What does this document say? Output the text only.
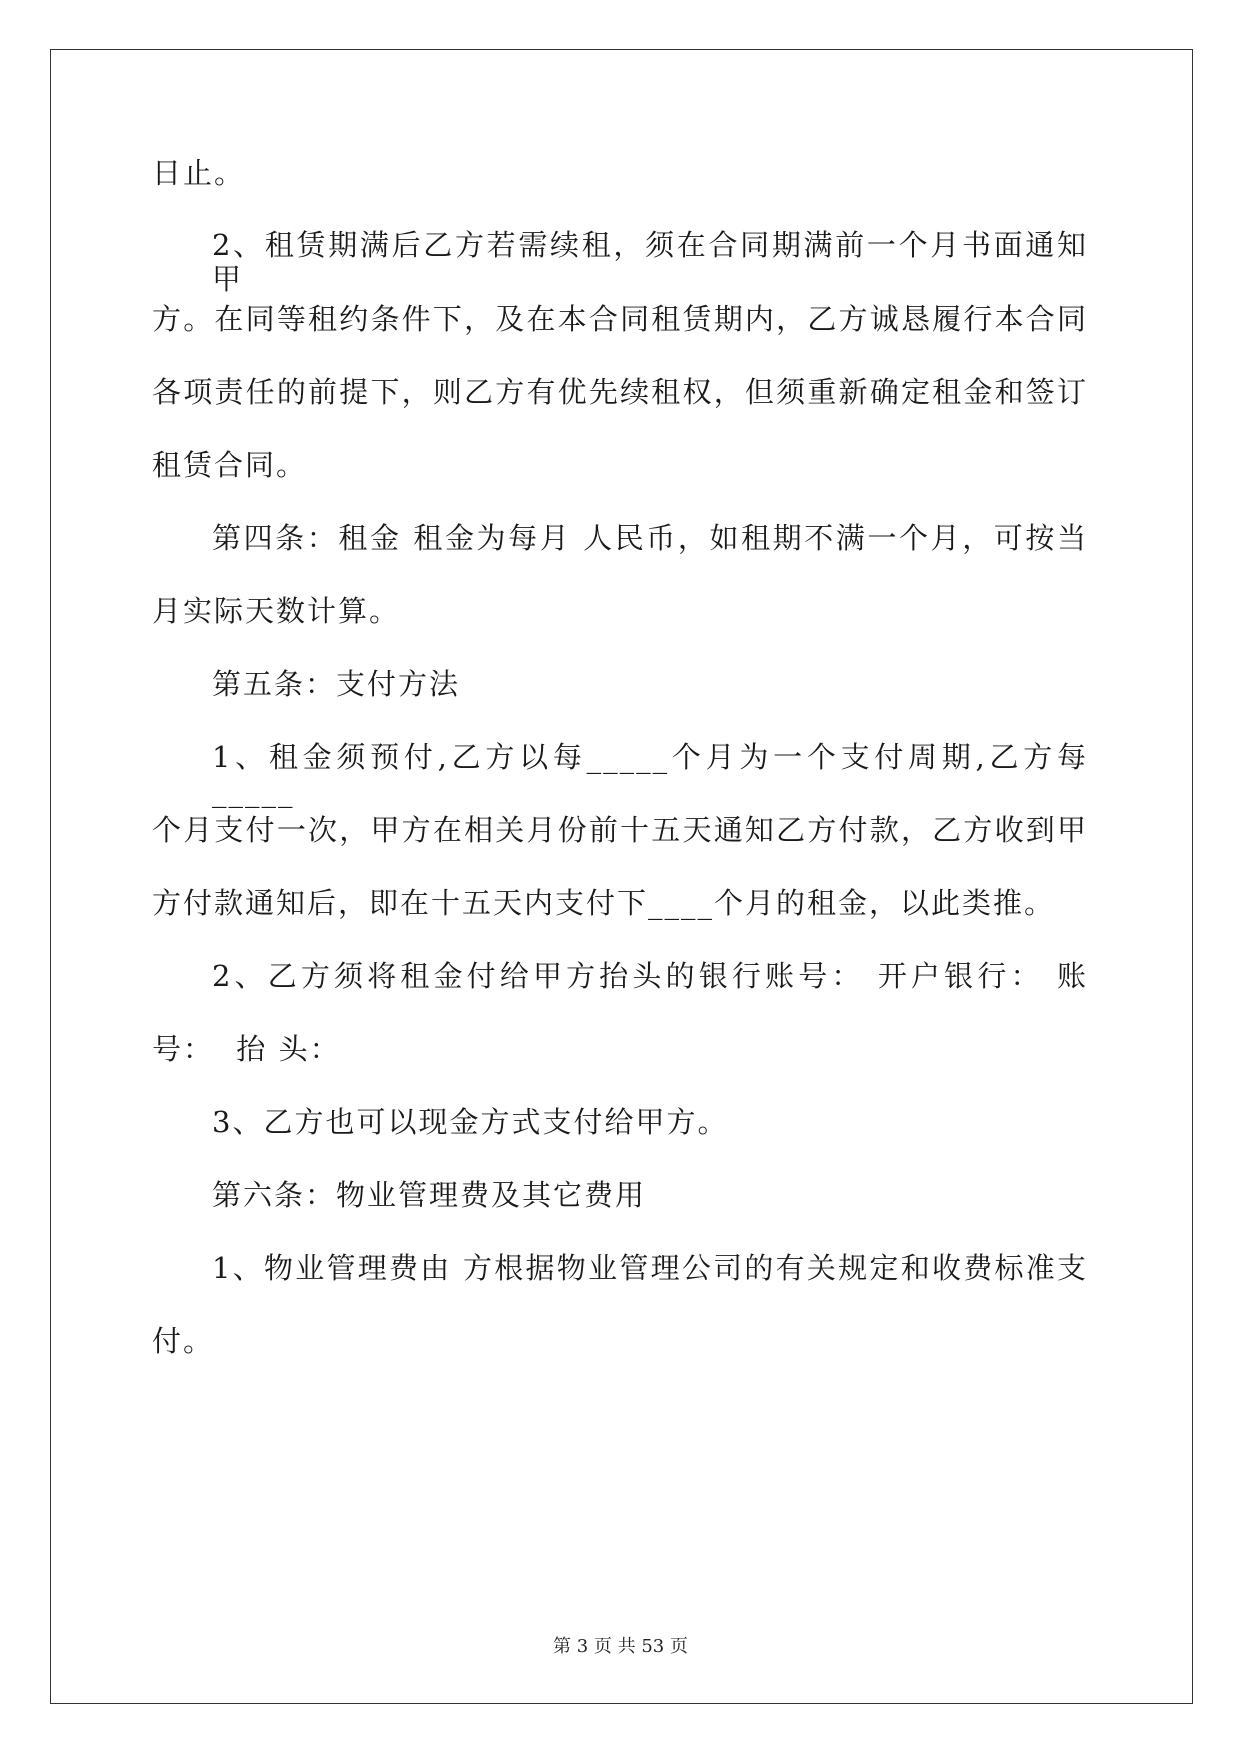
日止。
2、租赁期满后乙方若需续租，须在合同期满前一个月书面通知甲
方。在同等租约条件下，及在本合同租赁期内，乙方诚恳履行本合同
各项责任的前提下，则乙方有优先续租权，但须重新确定租金和签订
租赁合同。
第四条：租金 租金为每月 人民币，如租期不满一个月，可按当
月实际天数计算。
第五条：支付方法
1、租金须预付,乙方以每_____个月为一个支付周期,乙方每_____
个月支付一次，甲方在相关月份前十五天通知乙方付款，乙方收到甲
方付款通知后，即在十五天内支付下____个月的租金，以此类推。
2、乙方须将租金付给甲方抬头的银行账号： 开户银行： 账
号：  抬 头：
3、乙方也可以现金方式支付给甲方。
第六条：物业管理费及其它费用
1、物业管理费由 方根据物业管理公司的有关规定和收费标准支
付。
第 3 页 共 53 页
